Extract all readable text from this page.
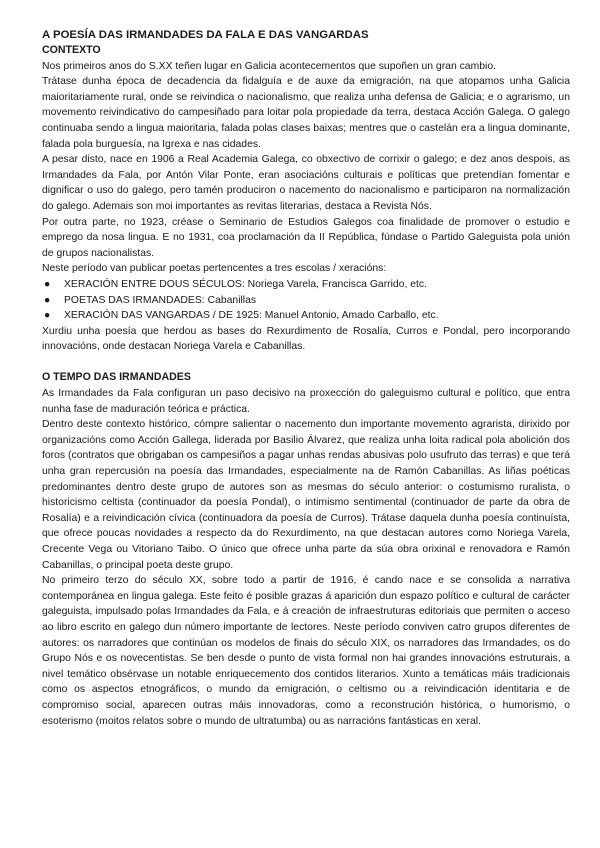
A POESÍA DAS IRMANDADES DA FALA E DAS VANGARDAS
CONTEXTO

Nos primeiros anos do S.XX teñen lugar en Galicia acontecementos que supoñen un gran cambio.

Trátase dunha época de decadencia da fidalguía e de auxe da emigración, na que atopamos unha Galicia maioritariamente rural, onde se reivindica o nacionalismo, que realiza unha defensa de Galicia; e o agrarismo, un movemento reivindicativo do campesiñado para loitar pola propiedade da terra, destaca Acción Galega. O galego continuaba sendo a lingua maioritaria, falada polas clases baixas; mentres que o castelán era a lingua dominante, falada pola burguesía, na Igrexa e nas cidades.

A pesar disto, nace en 1906 a Real Academia Galega, co obxectivo de corrixir o galego; e dez anos despois, as Irmandades da Fala, por Antón Vilar Ponte, eran asociacións culturais e políticas que pretendían fomentar e dignificar o uso do galego, pero tamén produciron o nacemento do nacionalismo e participaron na normalización do galego. Ademais son moi importantes as revitas literarias, destaca a Revista Nós.

Por outra parte, no 1923, créase o Seminario de Estudios Galegos coa finalidade de promover o estudio e emprego da nosa lingua. E no 1931, coa proclamación da II República, fúndase o Partido Galeguista pola unión de grupos nacionalistas.

Neste período van publicar poetas pertencentes a tres escolas / xeracións:

● XERACIÓN ENTRE DOUS SÉCULOS: Noriega Varela, Francisca Garrido, etc.
● POETAS DAS IRMANDADES: Cabanillas
● XERACIÓN DAS VANGARDAS / DE 1925: Manuel Antonio, Amado Carballo, etc.

Xurdiu unha poesía que herdou as bases do Rexurdimento de Rosalía, Curros e Pondal, pero incorporando innovacións, onde destacan Noriega Varela e Cabanillas.

O TEMPO DAS IRMANDADES

As Irmandades da Fala configuran un paso decisivo na proxección do galeguismo cultural e político, que entra nunha fase de maduración teórica e práctica.

Dentro deste contexto histórico, cómpre salientar o nacemento dun importante movemento agrarista, dirixido por organizacións como Acción Gallega, liderada por Basilio Álvarez, que realiza unha loita radical pola abolición dos foros (contratos que obrigaban os campesiños a pagar unhas rendas abusivas polo usufruto das terras) e que terá unha gran repercusión na poesía das Irmandades, especialmente na de Ramón Cabanillas. As liñas poéticas predominantes dentro deste grupo de autores son as mesmas do século anterior: o costumismo ruralista, o historicismo celtista (continuador da poesía Pondal), o intimismo sentimental (continuador de parte da obra de Rosalía) e a reivindicación cívica (continuadora da poesía de Curros). Trátase daquela dunha poesía continuísta, que ofrece poucas novidades a respecto da do Rexurdimento, na que destacan autores como Noriega Varela, Crecente Vega ou Vitoriano Taibo. O único que ofrece unha parte da súa obra orixinal e renovadora e Ramón Cabanillas, o principal poeta deste grupo.

No primeiro terzo do século XX, sobre todo a partir de 1916, é cando nace e se consolida a narrativa contemporánea en lingua galega. Este feito é posible grazas á aparición dun espazo político e cultural de carácter galeguista, impulsado polas Irmandades da Fala, e á creación de infraestruturas editoriais que permiten o acceso ao libro escrito en galego dun número importante de lectores. Neste período conviven catro grupos diferentes de autores: os narradores que continúan os modelos de finais do século XIX, os narradores das Irmandades, os do Grupo Nós e os novecentistas. Se ben desde o punto de vista formal non hai grandes innovacións estruturais, a nivel temático obsérvase un notable enriquecemento dos contidos literarios. Xunto a temáticas máis tradicionais como os aspectos etnográficos, o mundo da emigración, o celtismo ou a reivindicación identitaria e de compromiso social, aparecen outras máis innovadoras, como a reconstrución histórica, o humorismo, o esoterismo (moitos relatos sobre o mundo de ultratumba) ou as narracións fantásticas en xeral.
